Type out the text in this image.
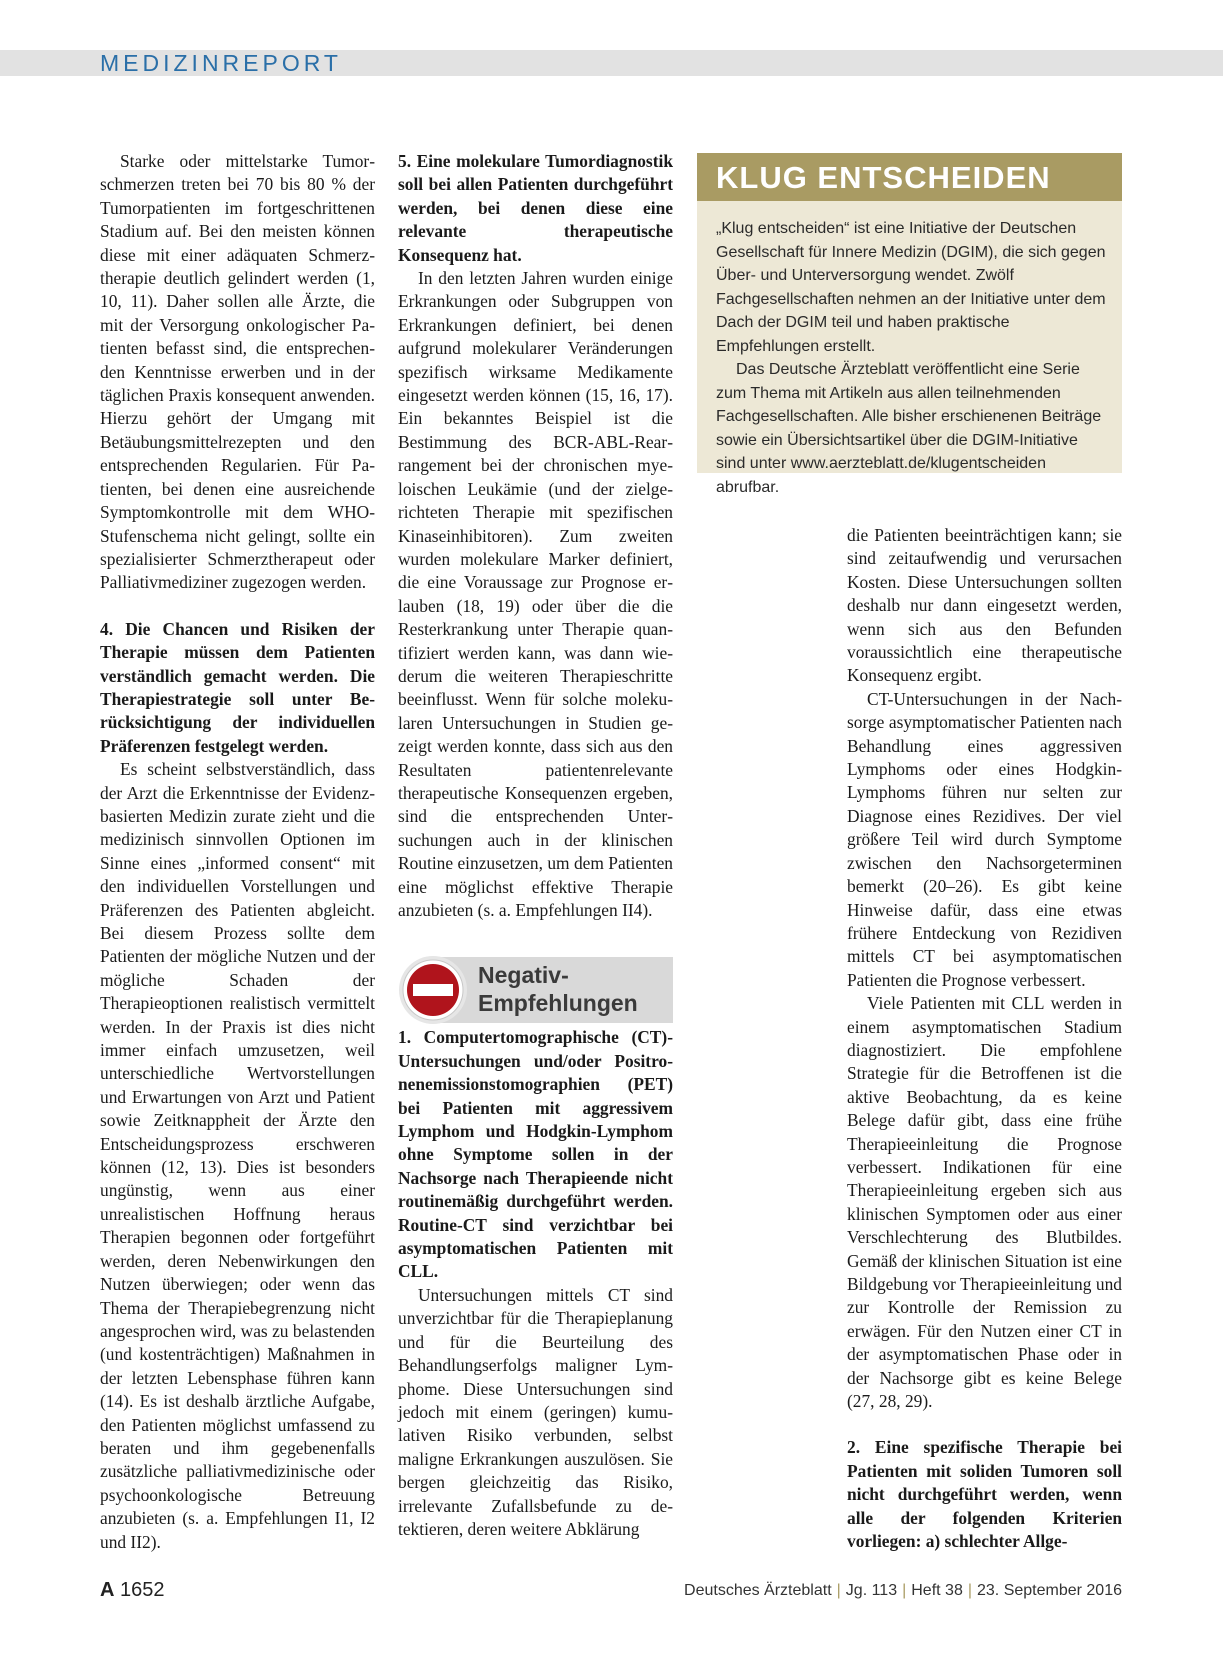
MEDIZINREPORT

Starke oder mittelstarke Tumorschmerzen treten bei 70 bis 80 % der Tumorpatienten im fortgeschrittenen Stadium auf. Bei den meisten können diese mit einer adäquaten Schmerztherapie deutlich gelindert werden (1, 10, 11). Daher sollen alle Ärzte, die mit der Versorgung onkologischer Patienten befasst sind, die entsprechenden Kenntnisse erwerben und in der täglichen Praxis konsequent anwenden. Hierzu gehört der Umgang mit Betäubungsmittelrezepten und den entsprechenden Regularien. Für Patienten, bei denen eine ausreichende Symptomkontrolle mit dem WHO-Stufenschema nicht gelingt, sollte ein spezialisierter Schmerztherapeut oder Palliativmediziner zugezogen werden.

4. Die Chancen und Risiken der Therapie müssen dem Patienten verständlich gemacht werden. Die Therapiestrategie soll unter Berücksichtigung der individuellen Präferenzen festgelegt werden.

Es scheint selbstverständlich, dass der Arzt die Erkenntnisse der Evidenz-basierten Medizin zurate zieht und die medizinisch sinnvollen Optionen im Sinne eines „informed consent“ mit den individuellen Vorstellungen und Präferenzen des Patienten abgleicht. Bei diesem Prozess sollte dem Patienten der mögliche Nutzen und der mögliche Schaden der Therapieoptionen realistisch vermittelt werden. In der Praxis ist dies nicht immer einfach umzusetzen, weil unterschiedliche Wertvorstellungen und Erwartungen von Arzt und Patient sowie Zeitknappheit der Ärzte den Entscheidungsprozess erschweren können (12, 13). Dies ist besonders ungünstig, wenn aus einer unrealistischen Hoffnung heraus Therapien begonnen oder fortgeführt werden, deren Nebenwirkungen den Nutzen überwiegen; oder wenn das Thema der Therapiebegrenzung nicht angesprochen wird, was zu belastenden (und kostenträchtigen) Maßnahmen in der letzten Lebensphase führen kann (14). Es ist deshalb ärztliche Aufgabe, den Patienten möglichst umfassend zu beraten und ihm gegebenenfalls zusätzliche palliativmedizinische oder psychoonkologische Betreuung anzubieten (s. a. Empfehlungen I1, I2 und II2).

5. Eine molekulare Tumordiagnostik soll bei allen Patienten durchgeführt werden, bei denen diese eine relevante therapeutische Konsequenz hat.

In den letzten Jahren wurden einige Erkrankungen oder Subgruppen von Erkrankungen definiert, bei denen aufgrund molekularer Veränderungen spezifisch wirksame Medikamente eingesetzt werden können (15, 16, 17). Ein bekanntes Beispiel ist die Bestimmung des BCR-ABL-Rearrangement bei der chronischen myeloischen Leukämie (und der zielgerichteten Therapie mit spezifischen Kinaseinhibitoren). Zum zweiten wurden molekulare Marker definiert, die eine Voraussage zur Prognose erlauben (18, 19) oder über die die Resterkrankung unter Therapie quantifiziert werden kann, was dann wiederum die weiteren Therapieschritte beeinflusst. Wenn für solche molekularen Untersuchungen in Studien gezeigt werden konnte, dass sich aus den Resultaten patientenrelevante therapeutische Konsequenzen ergeben, sind die entsprechenden Untersuchungen auch in der klinischen Routine einzusetzen, um dem Patienten eine möglichst effektive Therapie anzubieten (s. a. Empfehlungen II4).

1. Computertomographische (CT)-Untersuchungen und/oder Positronenemissionstomographien (PET) bei Patienten mit aggressivem Lymphom und Hodgkin-Lymphom ohne Symptome sollen in der Nachsorge nach Therapieende nicht routinemäßig durchgeführt werden. Routine-CT sind verzichtbar bei asymptomatischen Patienten mit CLL.

Untersuchungen mittels CT sind unverzichtbar für die Therapieplanung und für die Beurteilung des Behandlungserfolgs maligner Lymphome. Diese Untersuchungen sind jedoch mit einem (geringen) kumulativen Risiko verbunden, selbst maligne Erkrankungen auszulösen. Sie bergen gleichzeitig das Risiko, irrelevante Zufallsbefunde zu detektieren, deren weitere Abklärung

Negativ-
Empfehlungen
KLUG ENTSCHEIDEN

„Klug entscheiden“ ist eine Initiative der Deutschen Gesellschaft für Innere Medizin (DGIM), die sich gegen Über- und Unterversorgung wendet. Zwölf Fachgesellschaften nehmen an der Initiative unter dem Dach der DGIM teil und haben praktische Empfehlungen erstellt.

Das Deutsche Ärzteblatt veröffentlicht eine Serie zum Thema mit Artikeln aus allen teilnehmenden Fachgesellschaften. Alle bisher erschienenen Beiträge sowie ein Übersichtsartikel über die DGIM-Initiative sind unter www.aerzteblatt.de/klugentscheiden abrufbar.

die Patienten beeinträchtigen kann; sie sind zeitaufwendig und verursachen Kosten. Diese Untersuchungen sollten deshalb nur dann eingesetzt werden, wenn sich aus den Befunden voraussichtlich eine therapeutische Konsequenz ergibt.

CT-Untersuchungen in der Nachsorge asymptomatischer Patienten nach Behandlung eines aggressiven Lymphoms oder eines Hodgkin-Lymphoms führen nur selten zur Diagnose eines Rezidives. Der viel größere Teil wird durch Symptome zwischen den Nachsorgeterminen bemerkt (20–26). Es gibt keine Hinweise dafür, dass eine etwas frühere Entdeckung von Rezidiven mittels CT bei asymptomatischen Patienten die Prognose verbessert.

Viele Patienten mit CLL werden in einem asymptomatischen Stadium diagnostiziert. Die empfohlene Strategie für die Betroffenen ist die aktive Beobachtung, da es keine Belege dafür gibt, dass eine frühe Therapieeinleitung die Prognose verbessert. Indikationen für eine Therapieeinleitung ergeben sich aus klinischen Symptomen oder aus einer Verschlechterung des Blutbildes. Gemäß der klinischen Situation ist eine Bildgebung vor Therapieeinleitung und zur Kontrolle der Remission zu erwägen. Für den Nutzen einer CT in der asymptomatischen Phase oder in der Nachsorge gibt es keine Belege (27, 28, 29).

2. Eine spezifische Therapie bei Patienten mit soliden Tumoren soll nicht durchgeführt werden, wenn alle der folgenden Kriterien vorliegen: a) schlechter Allge-
A 1652	Deutsches Ärzteblatt | Jg. 113 | Heft 38 | 23. September 2016
